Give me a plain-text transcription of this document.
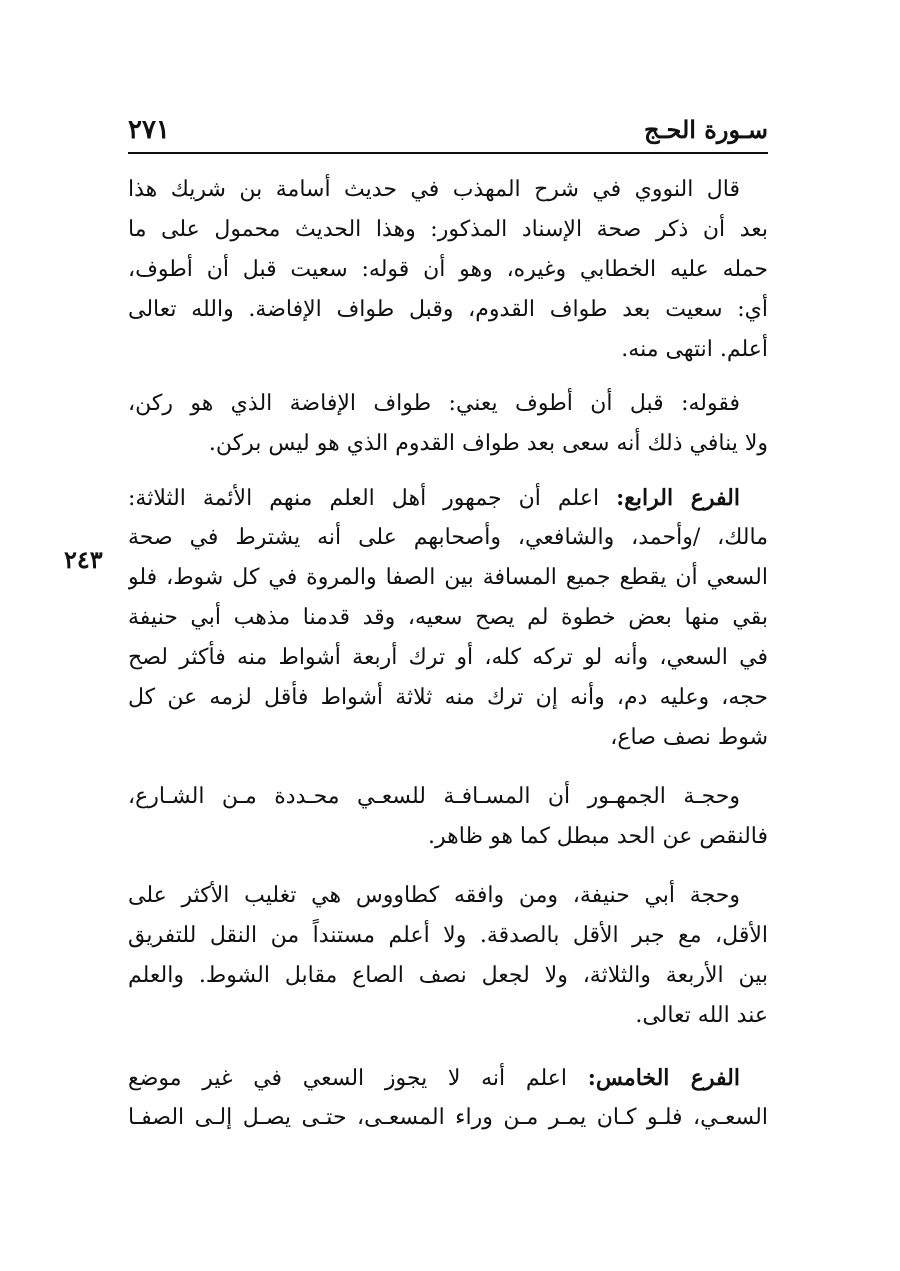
سـورة الحـج
٢٧١
٢٤٣
قال النووي في شرح المهذب في حديث أسامة بن شريك هذا
بعد أن ذكر صحة الإسناد المذكور: وهذا الحديث محمول على ما
حمله عليه الخطابي وغيره، وهو أن قوله: سعيت قبل أن أطوف،
أي: سعيت بعد طواف القدوم، وقبل طواف الإفاضة. والله تعالى
أعلم. انتهى منه.
فقوله: قبل أن أطوف يعني: طواف الإفاضة الذي هو ركن،
ولا ينافي ذلك أنه سعى بعد طواف القدوم الذي هو ليس بركن.
الفرع الرابع: اعلم أن جمهور أهل العلم منهم الأئمة الثلاثة:
مالك، /وأحمد، والشافعي، وأصحابهم على أنه يشترط في صحة
السعي أن يقطع جميع المسافة بين الصفا والمروة في كل شوط، فلو
بقي منها بعض خطوة لم يصح سعيه، وقد قدمنا مذهب أبي حنيفة
في السعي، وأنه لو تركه كله، أو ترك أربعة أشواط منه فأكثر لصح
حجه، وعليه دم، وأنه إن ترك منه ثلاثة أشواط فأقل لزمه عن كل
شوط نصف صاع،
وحجـة الجمهـور أن المسـافـة للسعـي محـددة مـن الشـارع،
فالنقص عن الحد مبطل كما هو ظاهر.
وحجة أبي حنيفة، ومن وافقه كطاووس هي تغليب الأكثر على
الأقل، مع جبر الأقل بالصدقة. ولا أعلم مستنداً من النقل للتفريق
بين الأربعة والثلاثة، ولا لجعل نصف الصاع مقابل الشوط. والعلم
عند الله تعالى.
الفرع الخامس: اعلم أنه لا يجوز السعي في غير موضع
السعـي، فلـو كـان يمـر مـن وراء المسعـى، حتـى يصـل إلـى الصفـا
